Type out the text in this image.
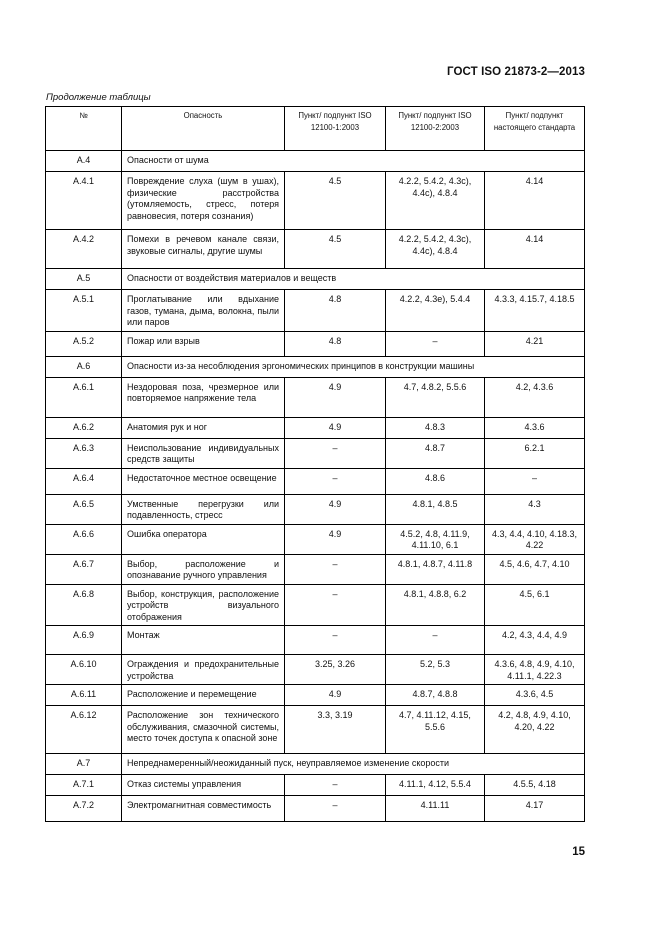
ГОСТ ISO 21873-2—2013
Продолжение таблицы
№	Опасность	Пункт/ подпункт ISO 12100-1:2003	Пункт/ подпункт ISO 12100-2:2003	Пункт/ подпункт настоящего стандарта
A.4	Опасности от шума			
A.4.1	Повреждение слуха (шум в ушах), физические расстройства (утомляемость, стресс, потеря равновесия, потеря сознания)	4.5	4.2.2, 5.4.2, 4.3c), 4.4c), 4.8.4	4.14
A.4.2	Помехи в речевом канале связи, звуковые сигналы, другие шумы	4.5	4.2.2, 5.4.2, 4.3c), 4.4c), 4.8.4	4.14
A.5	Опасности от воздействия материалов и веществ			
A.5.1	Проглатывание или вдыхание газов, тумана, дыма, волокна, пыли или паров	4.8	4.2.2, 4.3e), 5.4.4	4.3.3, 4.15.7, 4.18.5
A.5.2	Пожар или взрыв	4.8	–	4.21
A.6	Опасности из-за несоблюдения эргономических принципов в конструкции машины			
A.6.1	Нездоровая поза, чрезмерное или повторяемое напряжение тела	4.9	4.7, 4.8.2, 5.5.6	4.2, 4.3.6
A.6.2	Анатомия рук и ног	4.9	4.8.3	4.3.6
A.6.3	Неиспользование индивидуальных средств защиты	–	4.8.7	6.2.1
A.6.4	Недостаточное местное освещение	–	4.8.6	–
A.6.5	Умственные перегрузки или подавленность, стресс	4.9	4.8.1, 4.8.5	4.3
A.6.6	Ошибка оператора	4.9	4.5.2, 4.8, 4.11.9, 4.11.10, 6.1	4.3, 4.4, 4.10, 4.18.3, 4.22
A.6.7	Выбор, расположение и опознавание ручного управления	–	4.8.1, 4.8.7, 4.11.8	4.5, 4.6, 4.7, 4.10
A.6.8	Выбор, конструкция, расположение устройств визуального отображения	–	4.8.1, 4.8.8, 6.2	4.5, 6.1
A.6.9	Монтаж	–	–	4.2, 4.3, 4.4, 4.9
A.6.10	Ограждения и предохранительные устройства	3.25, 3.26	5.2, 5.3	4.3.6, 4.8, 4.9, 4.10, 4.11.1, 4.22.3
A.6.11	Расположение и перемещение	4.9	4.8.7, 4.8.8	4.3.6, 4.5
A.6.12	Расположение зон технического обслуживания, смазочной системы, место точек доступа к опасной зоне	3.3, 3.19	4.7, 4.11.12, 4.15, 5.5.6	4.2, 4.8, 4.9, 4.10, 4.20, 4.22
A.7	Непреднамеренный/неожиданный пуск, неуправляемое изменение скорости			
A.7.1	Отказ системы управления	–	4.11.1, 4.12, 5.5.4	4.5.5, 4.18
A.7.2	Электромагнитная совместимость	–	4.11.11	4.17
15
